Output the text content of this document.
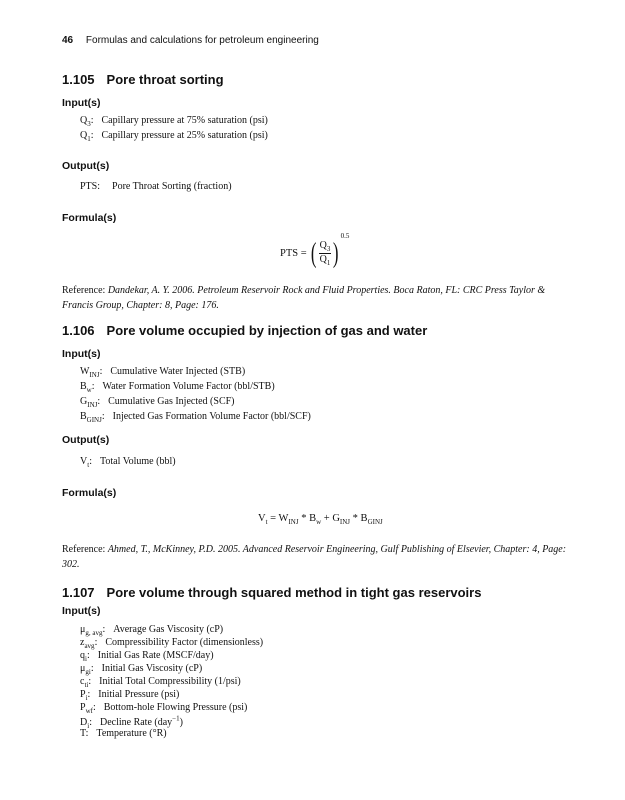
46 Formulas and calculations for petroleum engineering
1.105 Pore throat sorting
Input(s)
$Q_3$: Capillary pressure at 75% saturation (psi)
$Q_1$: Capillary pressure at 25% saturation (psi)
Output(s)
PTS: Pore Throat Sorting (fraction)
Formula(s)
PTS = ( $\frac{Q_3}{Q_1} )^{0.5}$
Reference: Dandekar, A. Y. 2006. Petroleum Reservoir Rock and Fluid Properties. Boca Raton, FL: CRC Press Taylor & Francis Group, Chapter: 8, Page: 176.
1.106 Pore volume occupied by injection of gas and water
Input(s)
$W_{INJ}$: Cumulative Water Injected (STB)
$B_w$: Water Formation Volume Factor (bbl/STB)
$G_{INJ}$: Cumulative Gas Injected (SCF)
$B_{GINJ}$: Injected Gas Formation Volume Factor (bbl/SCF)
Output(s)
$V_t$: Total Volume (bbl)
Formula(s)
$V_t = W_{INJ} * B_w + G_{INJ} * B_{GINJ}$
Reference: Ahmed, T., McKinney, P.D. 2005. Advanced Reservoir Engineering, Gulf Publishing of Elsevier, Chapter: 4, Page: 302.
1.107 Pore volume through squared method in tight gas reservoirs
Input(s)
$\mu_{g, avg}$: Average Gas Viscosity (cP)
$z_{avg}$: Compressibility Factor (dimensionless)
$q_i$: Initial Gas Rate (MSCF/day)
$\mu_{gi}$: Initial Gas Viscosity (cP)
$c_{ti}$: Initial Total Compressibility (1/psi)
$P_i$: Initial Pressure (psi)
$P_{wf}$: Bottom-hole Flowing Pressure (psi)
$D_i$: Decline Rate (day$^{-1}$)
T: Temperature (°R)
